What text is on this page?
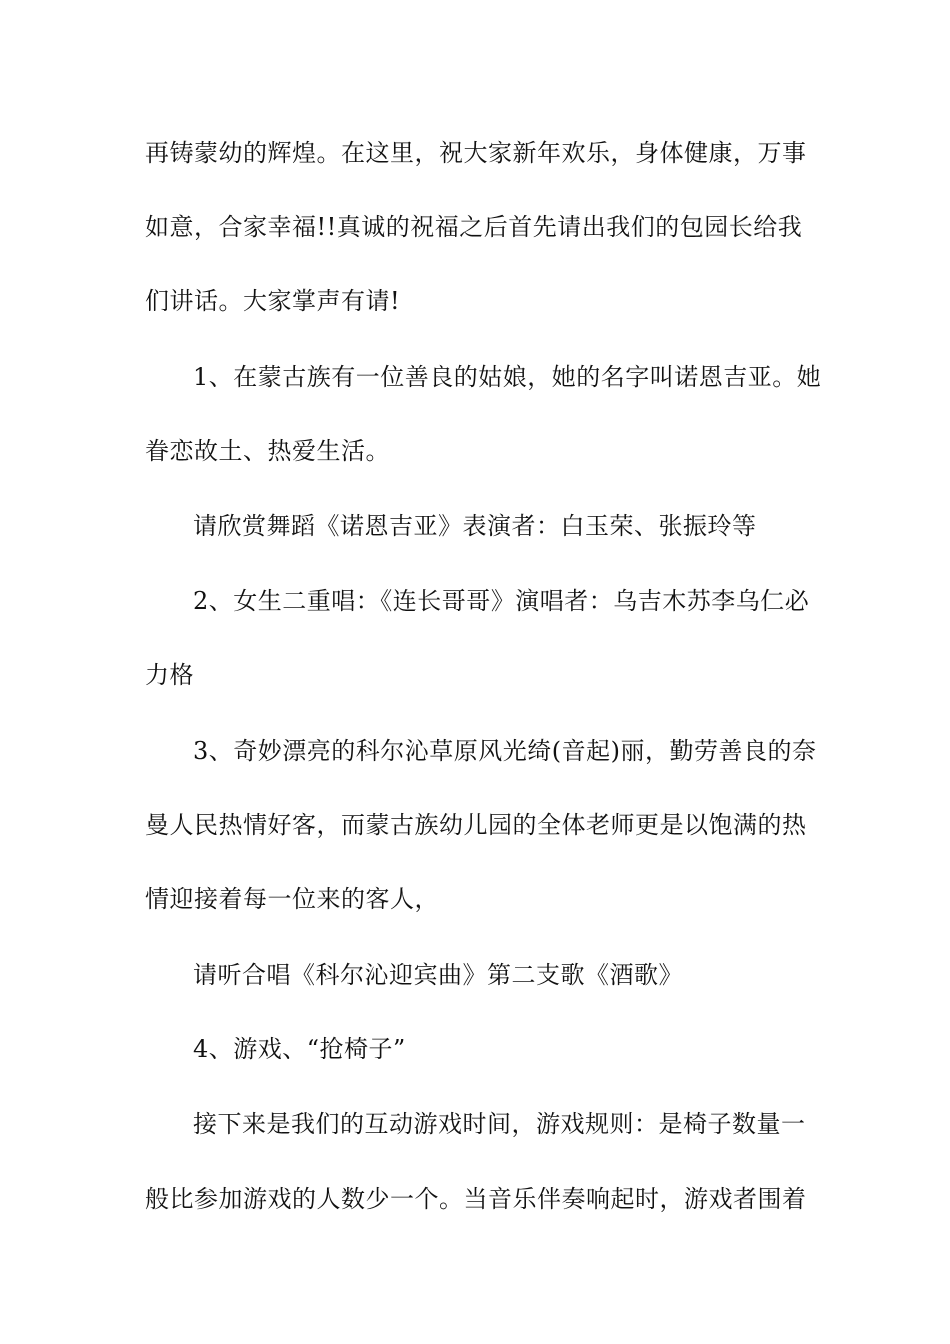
再铸蒙幼的辉煌。在这里，祝大家新年欢乐，身体健康，万事
如意，合家幸福!!真诚的祝福之后首先请出我们的包园长给我
们讲话。大家掌声有请!
1、在蒙古族有一位善良的姑娘，她的名字叫诺恩吉亚。她
眷恋故土、热爱生活。
请欣赏舞蹈《诺恩吉亚》表演者：白玉荣、张振玲等
2、女生二重唱：《连长哥哥》演唱者：乌吉木苏李乌仁必
力格
3、奇妙漂亮的科尔沁草原风光绮(音起)丽，勤劳善良的奈
曼人民热情好客，而蒙古族幼儿园的全体老师更是以饱满的热
情迎接着每一位来的客人，
请听合唱《科尔沁迎宾曲》第二支歌《酒歌》
4、游戏、“抢椅子”
接下来是我们的互动游戏时间，游戏规则：是椅子数量一
般比参加游戏的人数少一个。当音乐伴奏响起时，游戏者围着
